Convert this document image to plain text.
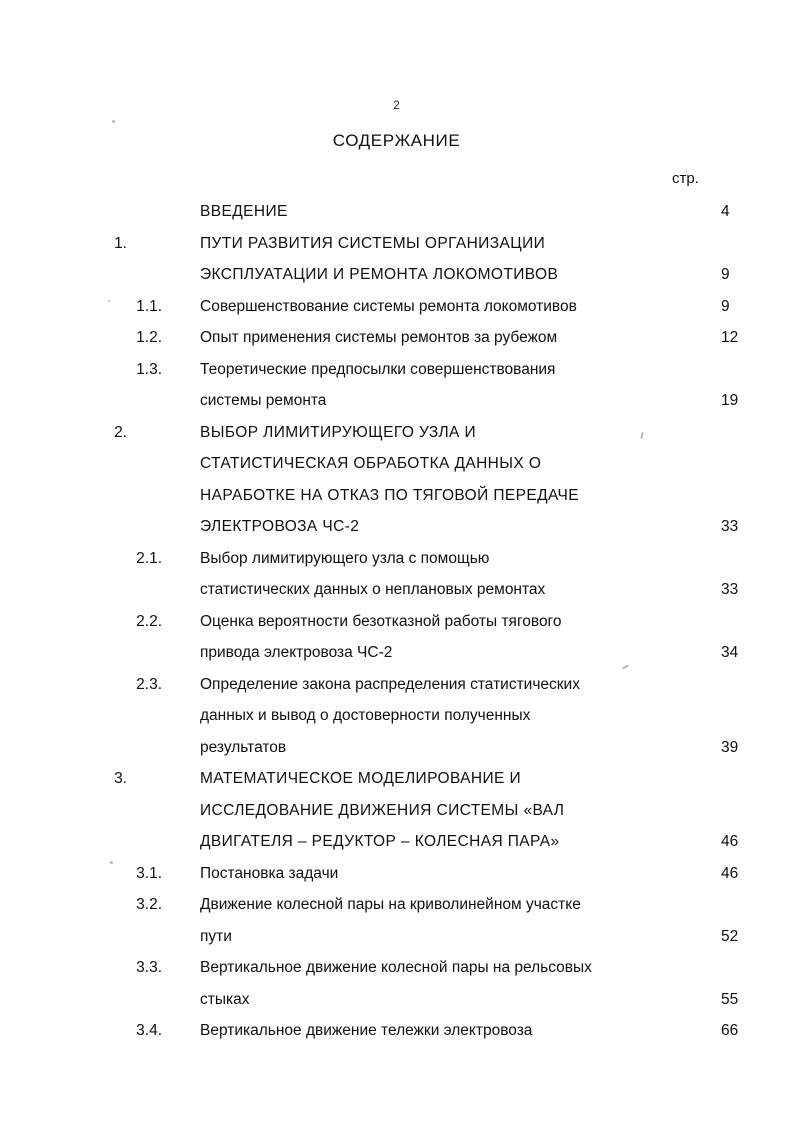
2
СОДЕРЖАНИЕ
стр.
ВВЕДЕНИЕ	4
1.	ПУТИ РАЗВИТИЯ СИСТЕМЫ ОРГАНИЗАЦИИ
ЭКСПЛУАТАЦИИ И РЕМОНТА ЛОКОМОТИВОВ	9
1.1.	Совершенствование системы ремонта локомотивов	9
1.2.	Опыт применения системы ремонтов за рубежом	12
1.3.	Теоретические предпосылки совершенствования
системы ремонта	19
2.	ВЫБОР ЛИМИТИРУЮЩЕГО УЗЛА И
СТАТИСТИЧЕСКАЯ ОБРАБОТКА ДАННЫХ О
НАРАБОТКЕ НА ОТКАЗ ПО ТЯГОВОЙ ПЕРЕДАЧЕ
ЭЛЕКТРОВОЗА ЧС-2	33
2.1.	Выбор лимитирующего узла с помощью
статистических данных о неплановых ремонтах	33
2.2.	Оценка вероятности безотказной работы тягового
привода электровоза ЧС-2	34
2.3.	Определение закона распределения статистических
данных и вывод о достоверности полученных
результатов	39
3.	МАТЕМАТИЧЕСКОЕ МОДЕЛИРОВАНИЕ И
ИССЛЕДОВАНИЕ ДВИЖЕНИЯ СИСТЕМЫ «ВАЛ
ДВИГАТЕЛЯ – РЕДУКТОР – КОЛЕСНАЯ ПАРА»	46
3.1.	Постановка задачи	46
3.2.	Движение колесной пары на криволинейном участке
пути	52
3.3.	Вертикальное движение колесной пары на рельсовых
стыках	55
3.4.	Вертикальное движение тележки электровоза	66
